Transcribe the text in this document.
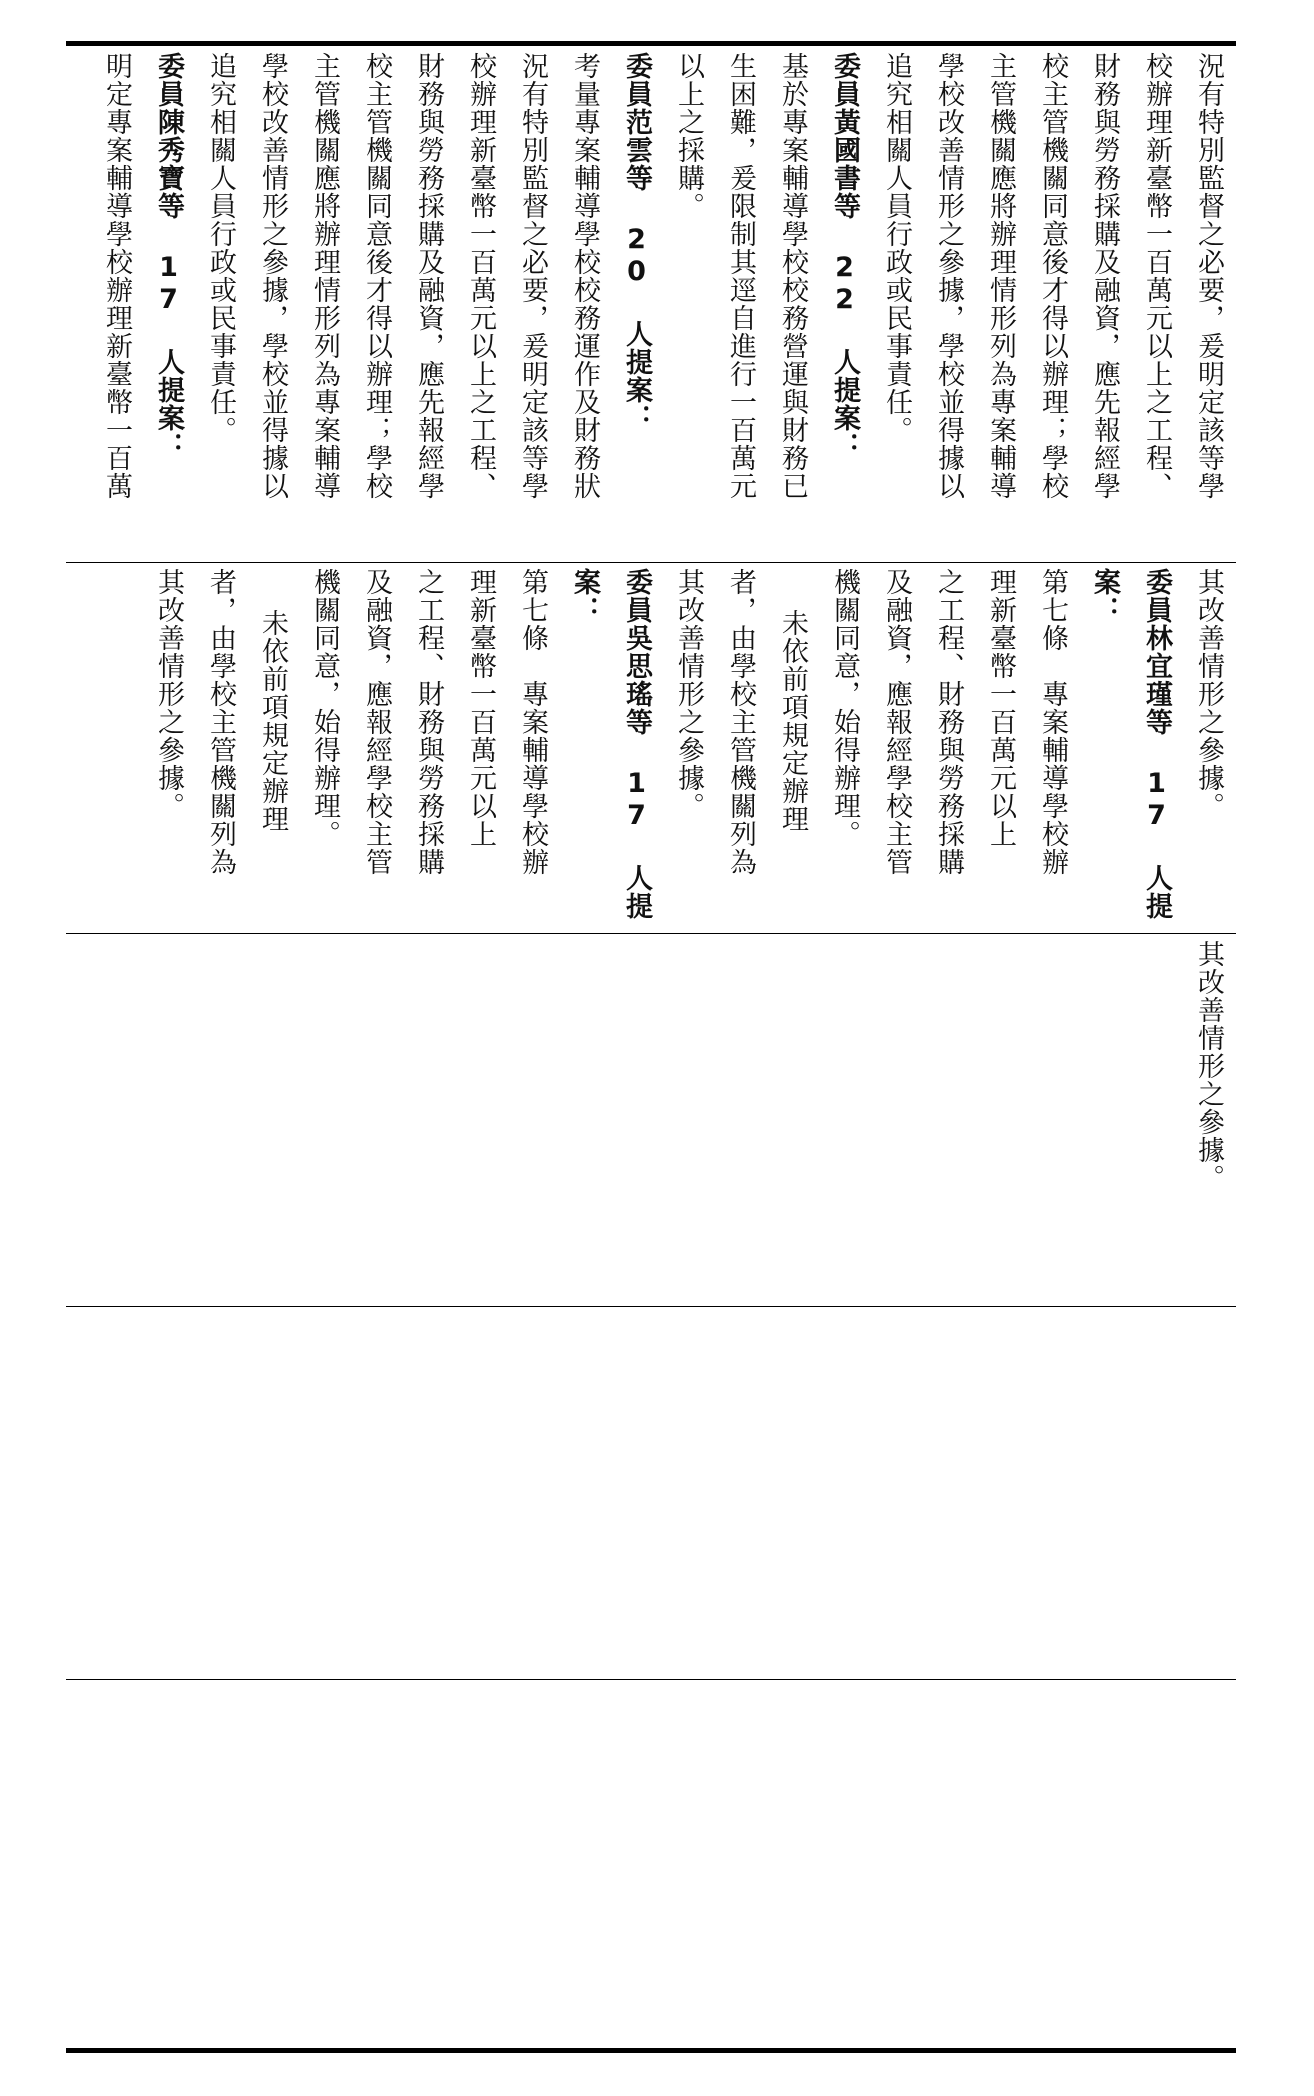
況有特別監督之必要，爰明定該等學

校辦理新臺幣一百萬元以上之工程、

財務與勞務採購及融資，應先報經學

校主管機關同意後才得以辦理；學校

主管機關應將辦理情形列為專案輔導

學校改善情形之參據，學校並得據以

追究相關人員行政或民事責任。

委員黃國書等 22 人提案：

基於專案輔導學校校務營運與財務已

生困難，爰限制其逕自進行一百萬元

以上之採購。

委員范雲等 20 人提案：

考量專案輔導學校校務運作及財務狀

況有特別監督之必要，爰明定該等學

校辦理新臺幣一百萬元以上之工程、

財務與勞務採購及融資，應先報經學

校主管機關同意後才得以辦理；學校

主管機關應將辦理情形列為專案輔導

學校改善情形之參據，學校並得據以

追究相關人員行政或民事責任。

委員陳秀寶等 17 人提案：

明定專案輔導學校辦理新臺幣一百萬

其改善情形之參據。

委員林宜瑾等 17 人提案：

第七條　專案輔導學校辦

理新臺幣一百萬元以上

之工程、財務與勞務採購

及融資，應報經學校主管

機關同意，始得辦理。

未依前項規定辦理

者，由學校主管機關列為

其改善情形之參據。

委員吳思瑤等 17 人提案：

第七條　專案輔導學校辦

理新臺幣一百萬元以上

之工程、財務與勞務採購

及融資，應報經學校主管

機關同意，始得辦理。

未依前項規定辦理

者，由學校主管機關列為

其改善情形之參據。

其改善情形之參據。
